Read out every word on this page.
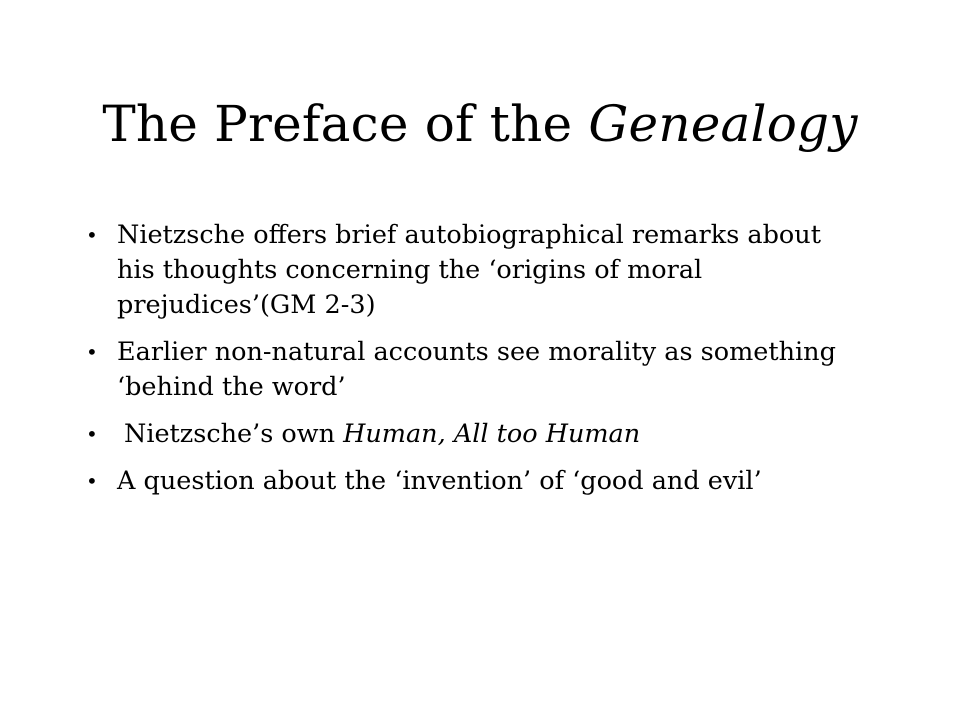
The Preface of the Genealogy
• Nietzsche offers brief autobiographical remarks about his thoughts concerning the ‘origins of moral prejudices’(GM 2-3)
• Earlier non-natural accounts see morality as something ‘behind the word’
• Nietzsche’s own Human, All too Human
• A question about the ‘invention’ of ‘good and evil’
